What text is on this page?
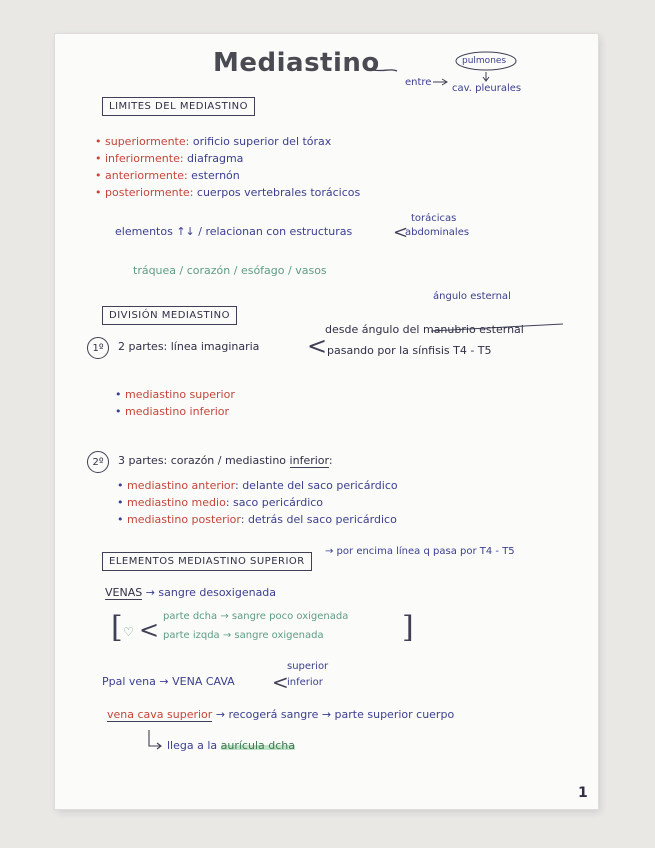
Mediastino
entre
pulmones
cav. pleurales
LIMITES DEL MEDIASTINO
• superiormente: orificio superior del tórax
• inferiormente: diafragma
• anteriormente: esternón
• posteriormente: cuerpos vertebrales torácicos
elementos ↑↓ / relacionan con estructuras <
torácicas
abdominales
tráquea / corazón / esófago / vasos
DIVISIÓN MEDIASTINO
ángulo esternal
1º	2 partes: línea imaginaria <
desde ángulo del manubrio esternal
pasando por la sínfisis T4 - T5
• mediastino superior
• mediastino inferior
2º	3 partes: corazón / mediastino inferior:
• mediastino anterior: delante del saco pericárdico
• mediastino medio: saco pericárdico
• mediastino posterior: detrás del saco pericárdico
ELEMENTOS MEDIASTINO SUPERIOR
→ por encima línea q pasa por T4 - T5
VENAS → sangre desoxigenada
[ ♡ < parte dcha → sangre poco oxigenada
parte izqda → sangre oxigenada	]
Ppal vena → VENA CAVA <
superior
inferior
vena cava superior → recogerá sangre → parte superior cuerpo
llega a la aurícula dcha
1
